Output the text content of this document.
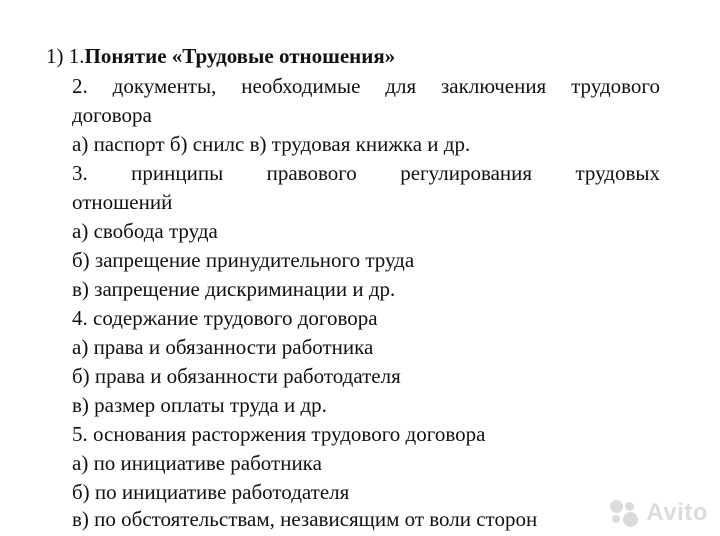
1) 1.Понятие «Трудовые отношения»
2. документы, необходимые для заключения трудового
договора
а) паспорт б) снилс в) трудовая книжка и др.
3. принципы правового регулирования трудовых
отношений
а) свобода труда
б) запрещение принудительного труда
в) запрещение дискриминации и др.
4. содержание трудового договора
а) права и обязанности работника
б) права и обязанности работодателя
в) размер оплаты труда и др.
5. основания расторжения трудового договора
а) по инициативе работника
б) по инициативе работодателя
в) по обстоятельствам, независящим от воли сторон	Avito
